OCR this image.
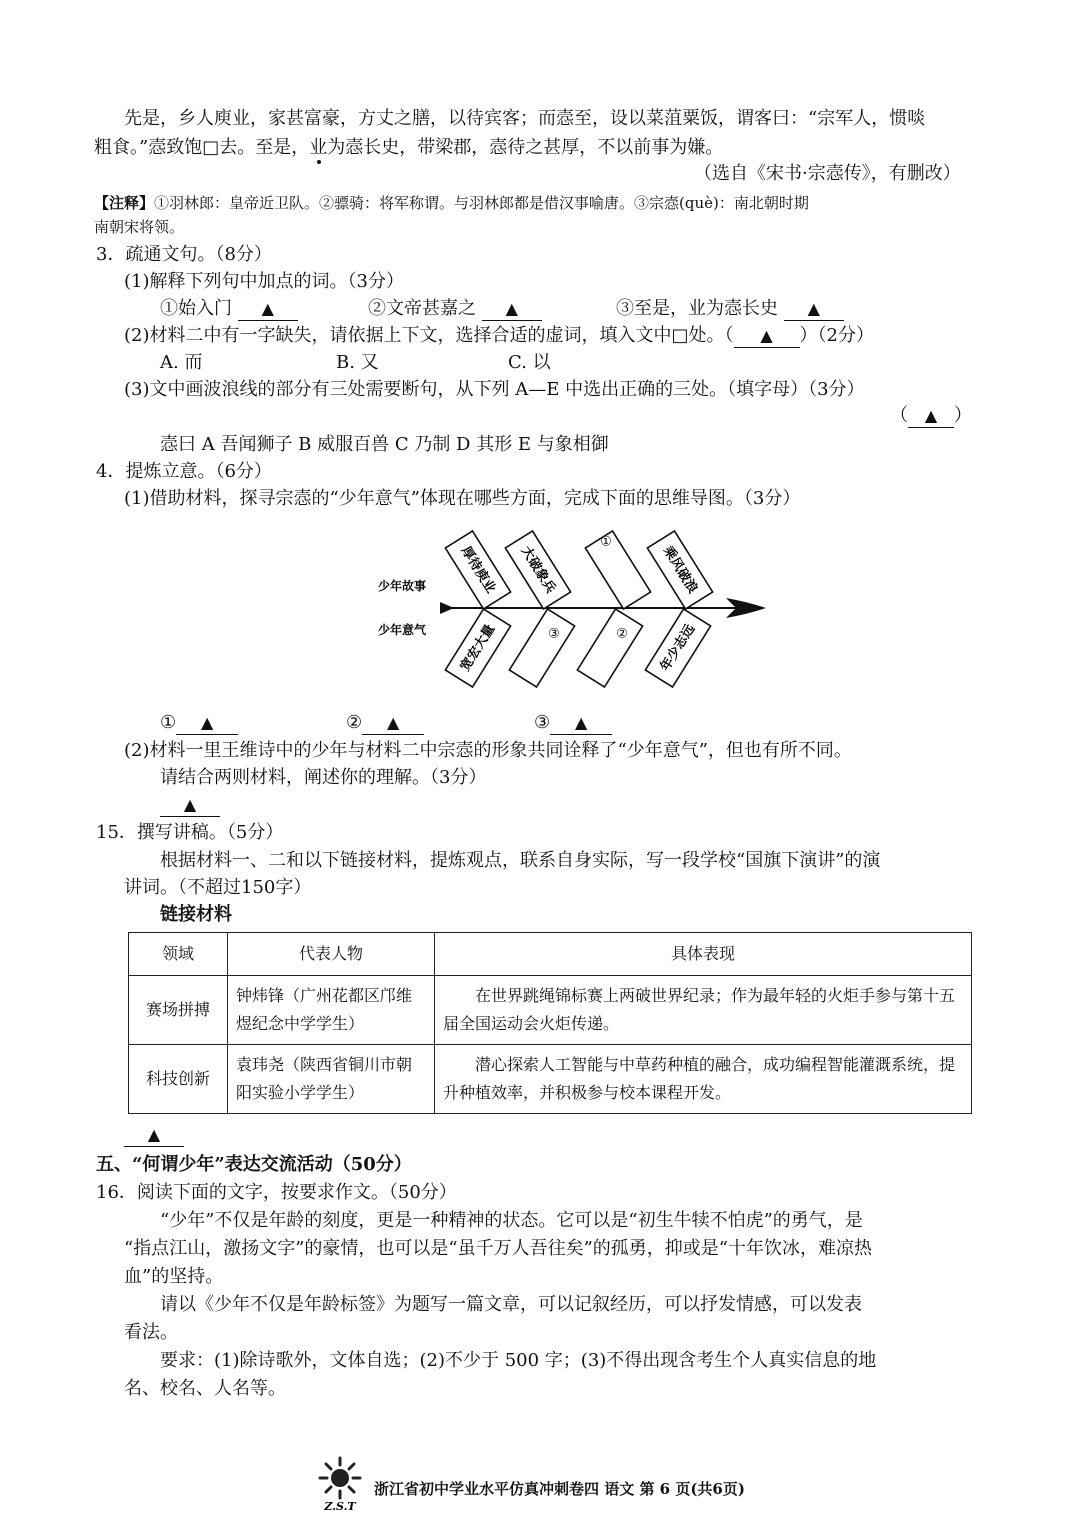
先是，乡人庾业，家甚富豪，方丈之膳，以待宾客；而悫至，设以菜菹粟饭，谓客曰：“宗军人，惯啖
粗食。”悫致饱□去。至是，业为悫长史，带梁郡，悫待之甚厚，不以前事为嫌。
（选自《宋书·宗悫传》，有删改）
【注释】①羽林郎：皇帝近卫队。②骠骑：将军称谓。与羽林郎都是借汉事喻唐。③宗悫(què)：南北朝时期
南朝宋将领。
3．疏通文句。（8分）
(1)解释下列句中加点的词。（3分）
①始入门 ▲	②文帝甚嘉之 ▲	③至是，业为悫长史 ▲
(2)材料二中有一字缺失，请依据上下文，选择合适的虚词，填入文中□处。（ ▲ ）（2分）
A. 而	B. 又	C. 以
(3)文中画波浪线的部分有三处需要断句，从下列 A—E 中选出正确的三处。（填字母）（3分）
（ ▲ ）
悫曰 A 吾闻狮子 B 威服百兽 C 乃制 D 其形 E 与象相御
4．提炼立意。（6分）
(1)借助材料，探寻宗悫的“少年意气”体现在哪些方面，完成下面的思维导图。（3分）
少年故事
少年意气
厚待庾业 大破象兵
①
乘风破浪
宽宏大量	③	② 年少志远
① ▲	② ▲	③ ▲
(2)材料一里王维诗中的少年与材料二中宗悫的形象共同诠释了“少年意气”，但也有所不同。
请结合两则材料，阐述你的理解。（3分）
▲
15．撰写讲稿。（5分）
根据材料一、二和以下链接材料，提炼观点，联系自身实际，写一段学校“国旗下演讲”的演
讲词。（不超过150字）
链接材料
领域	代表人物	具体表现
赛场拼搏	钟炜锋（广州花都区邝维煜纪念中学学生）	在世界跳绳锦标赛上两破世界纪录；作为最年轻的火炬手参与第十五届全国运动会火炬传递。
科技创新	袁玮尧（陕西省铜川市朝阳实验小学学生）	潜心探索人工智能与中草药种植的融合，成功编程智能灌溉系统，提升种植效率，并积极参与校本课程开发。
▲
五、“何谓少年”表达交流活动（50分）
16．阅读下面的文字，按要求作文。（50分）
“少年”不仅是年龄的刻度，更是一种精神的状态。它可以是“初生牛犊不怕虎”的勇气，是
“指点江山，激扬文字”的豪情，也可以是“虽千万人吾往矣”的孤勇，抑或是“十年饮冰，难凉热
血”的坚持。
请以《少年不仅是年龄标签》为题写一篇文章，可以记叙经历，可以抒发情感，可以发表
看法。
要求：(1)除诗歌外，文体自选；(2)不少于 500 字；(3)不得出现含考生个人真实信息的地
名、校名、人名等。
Z.S.T
浙江省初中学业水平仿真冲刺卷四 语文 第 6 页(共6页)
